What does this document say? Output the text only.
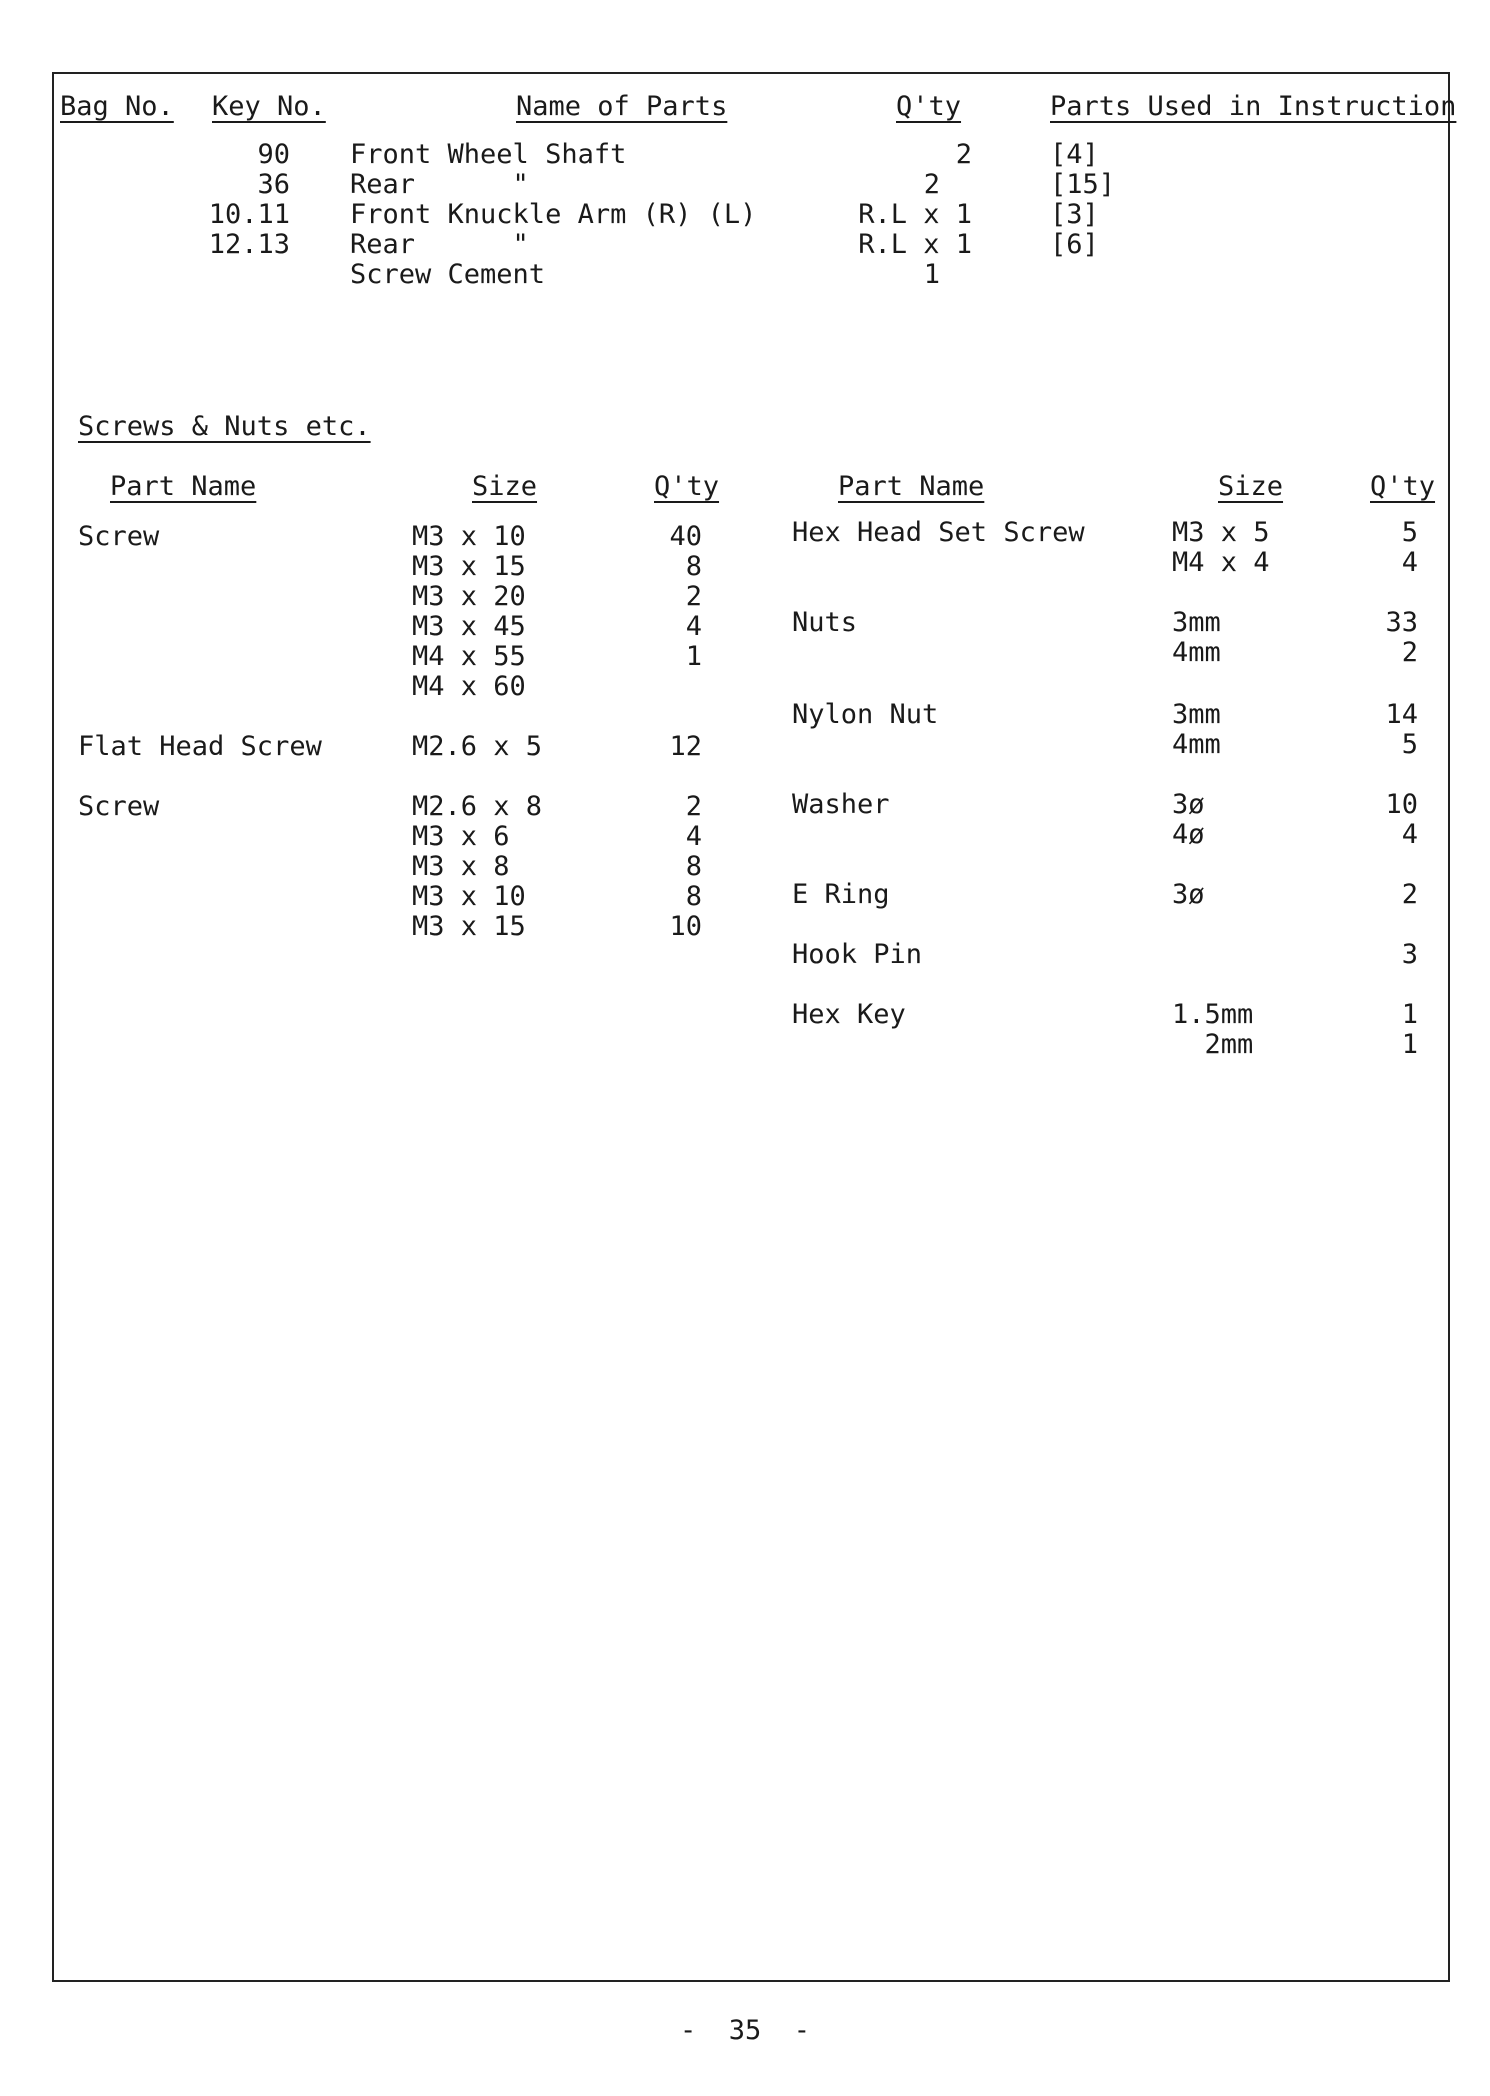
Bag No. Key No.	Name of Parts	Q'ty	Parts Used in Instruction
90 Front Wheel Shaft	2	[4]
36 Rear      "	2	[15]
10.11 Front Knuckle Arm (R) (L)	R.L x 1	[3]
12.13 Rear      "	R.L x 1	[6]
Screw Cement	1
Screws & Nuts etc.
Part Name	Size	Q'ty	Part Name	Size	Q'ty
Screw	M3 x 10	40
M3 x 15	8
M3 x 20	2
M3 x 45	4
M4 x 55	1
M4 x 60
Flat Head Screw	M2.6 x 5	12
Screw	M2.6 x 8	2
M3 x 6	4
M3 x 8	8
M3 x 10	8
M3 x 15	10
Hex Head Set Screw	M3 x 5	5
M4 x 4	4
Nuts	3mm	33
4mm	2
Nylon Nut	3mm	14
4mm	5
Washer	3ø	10
4ø	4
E Ring	3ø	2
Hook Pin	3
Hex Key	1.5mm	1
2mm	1
-  35  -
